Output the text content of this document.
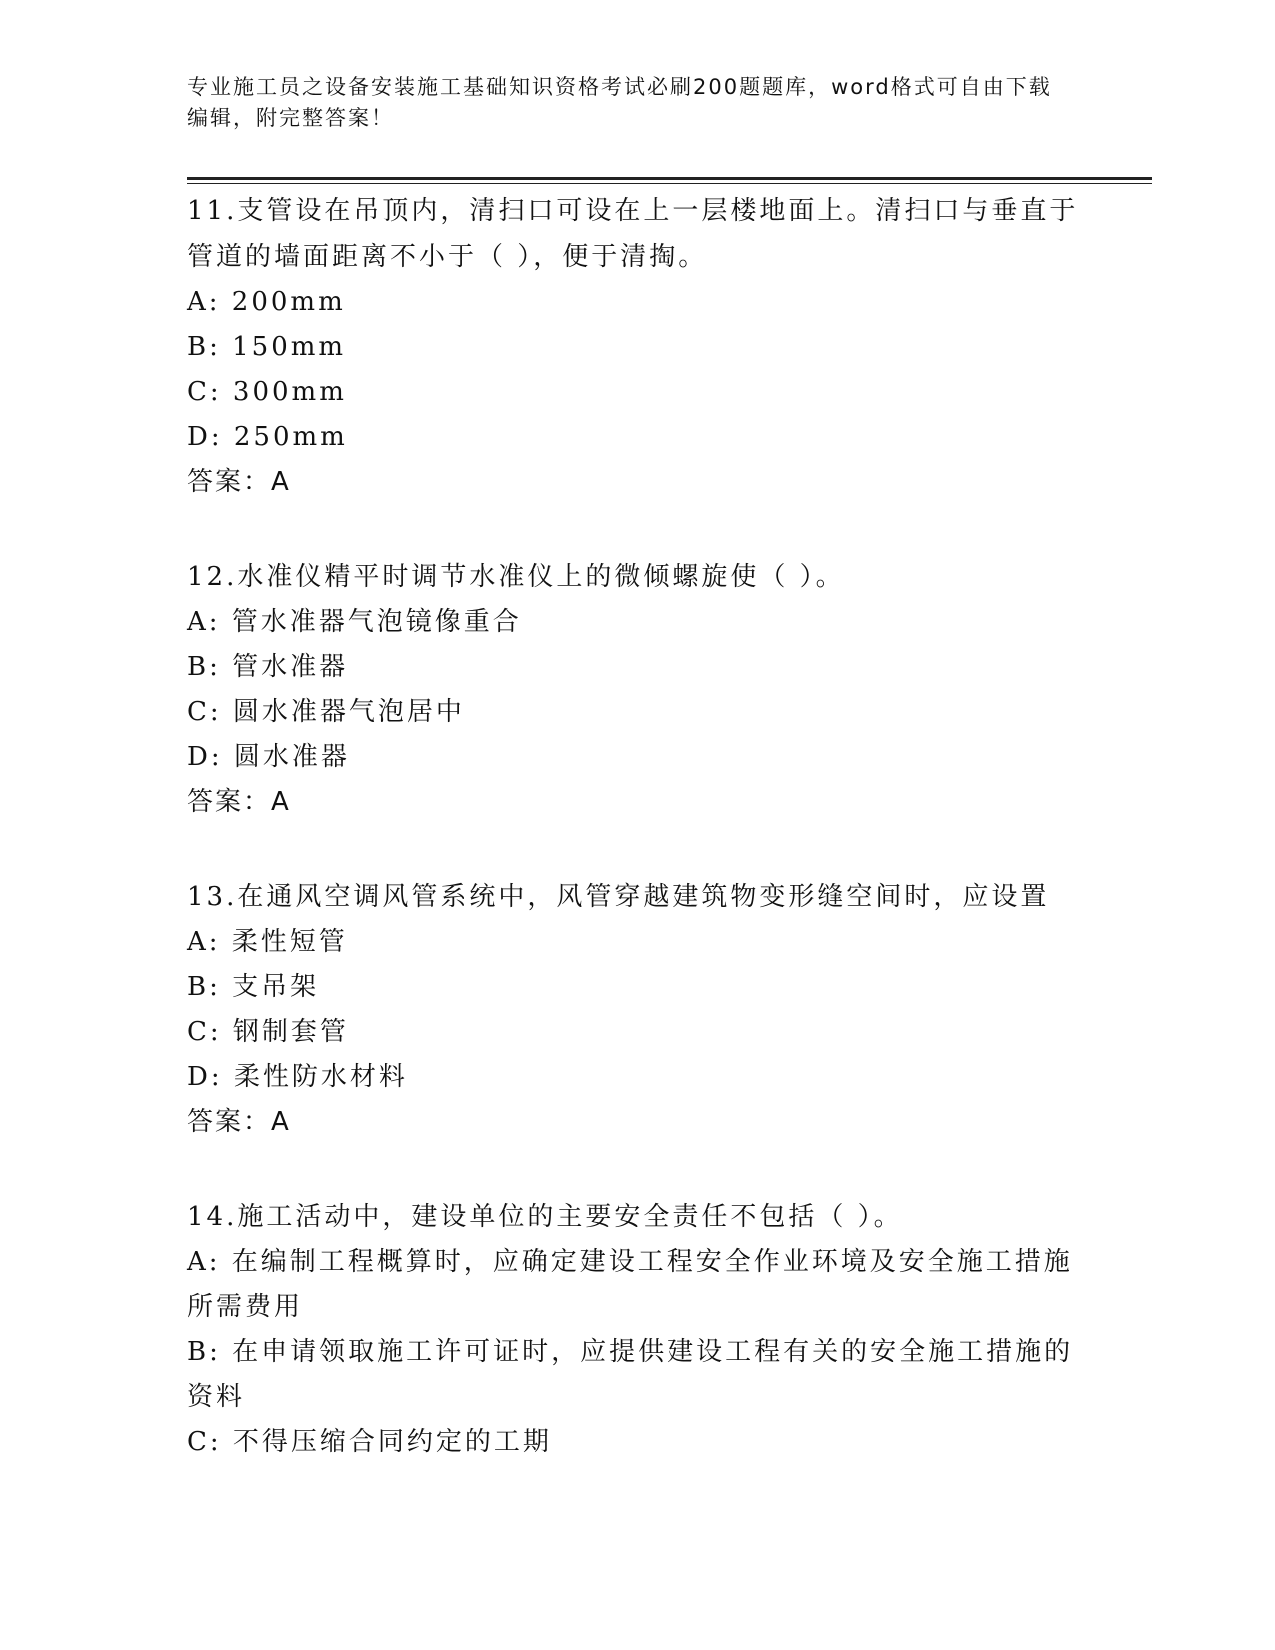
专业施工员之设备安装施工基础知识资格考试必刷200题题库，word格式可自由下载编辑，附完整答案！

11.支管设在吊顶内，清扫口可设在上一层楼地面上。清扫口与垂直于管道的墙面距离不小于（ ），便于清掏。

A: 200mm

B: 150mm

C: 300mm

D: 250mm

答案：A

12.水准仪精平时调节水准仪上的微倾螺旋使（ ）。

A: 管水准器气泡镜像重合

B: 管水准器

C: 圆水准器气泡居中

D: 圆水准器

答案：A

13.在通风空调风管系统中，风管穿越建筑物变形缝空间时，应设置

A: 柔性短管

B: 支吊架

C: 钢制套管

D: 柔性防水材料

答案：A

14.施工活动中，建设单位的主要安全责任不包括（ ）。

A: 在编制工程概算时，应确定建设工程安全作业环境及安全施工措施所需费用

B: 在申请领取施工许可证时，应提供建设工程有关的安全施工措施的资料

C: 不得压缩合同约定的工期
